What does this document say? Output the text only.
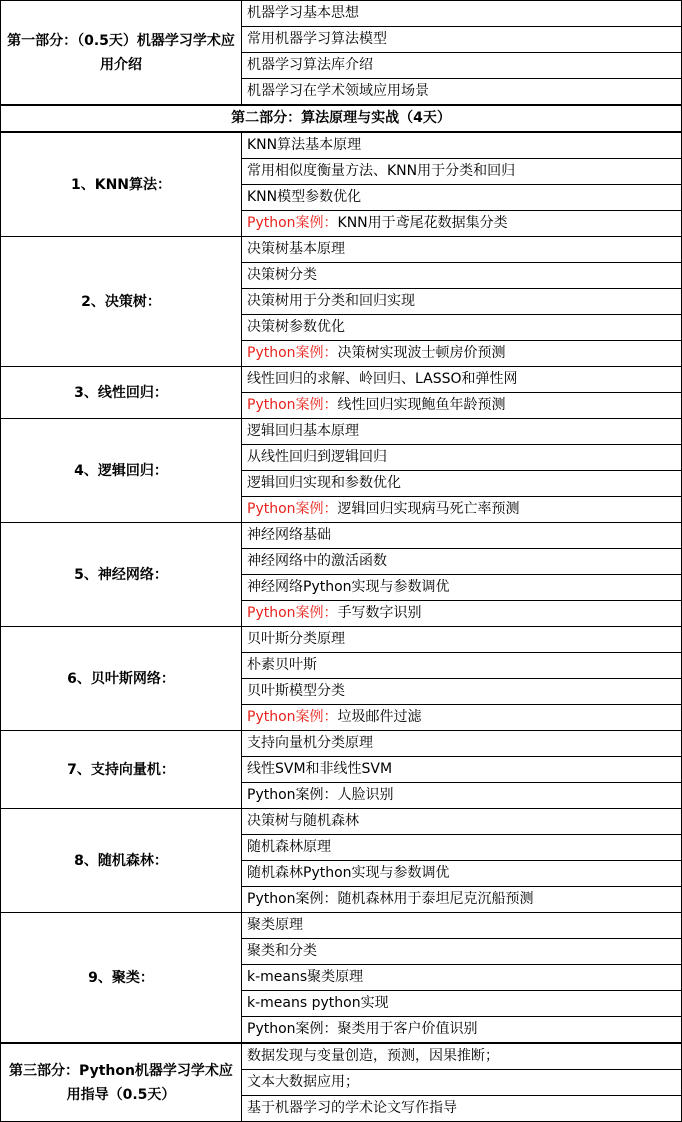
第一部分：（0.5天）机器学习学术应用介绍	机器学习基本思想
	常用机器学习算法模型
	机器学习算法库介绍
	机器学习在学术领域应用场景
第二部分：算法原理与实战（4天）	
1、KNN算法：	KNN算法基本原理
	常用相似度衡量方法、KNN用于分类和回归
	KNN模型参数优化
	Python案例：KNN用于鸢尾花数据集分类
2、决策树：	决策树基本原理
	决策树分类
	决策树用于分类和回归实现
	决策树参数优化
	Python案例：决策树实现波士顿房价预测
3、线性回归：	线性回归的求解、岭回归、LASSO和弹性网
	Python案例：线性回归实现鲍鱼年龄预测
4、逻辑回归：	逻辑回归基本原理
	从线性回归到逻辑回归
	逻辑回归实现和参数优化
	Python案例：逻辑回归实现病马死亡率预测
5、神经网络：	神经网络基础
	神经网络中的激活函数
	神经网络Python实现与参数调优
	Python案例：手写数字识别
6、贝叶斯网络：	贝叶斯分类原理
	朴素贝叶斯
	贝叶斯模型分类
	Python案例：垃圾邮件过滤
7、支持向量机：	支持向量机分类原理
	线性SVM和非线性SVM
	Python案例：人脸识别
8、随机森林：	决策树与随机森林
	随机森林原理
	随机森林Python实现与参数调优
	Python案例：随机森林用于泰坦尼克沉船预测
9、聚类：	聚类原理
	聚类和分类
	k-means聚类原理
	k-means python实现
	Python案例：聚类用于客户价值识别
第三部分：Python机器学习学术应用指导（0.5天）	数据发现与变量创造，预测，因果推断；
	文本大数据应用；
	基于机器学习的学术论文写作指导
